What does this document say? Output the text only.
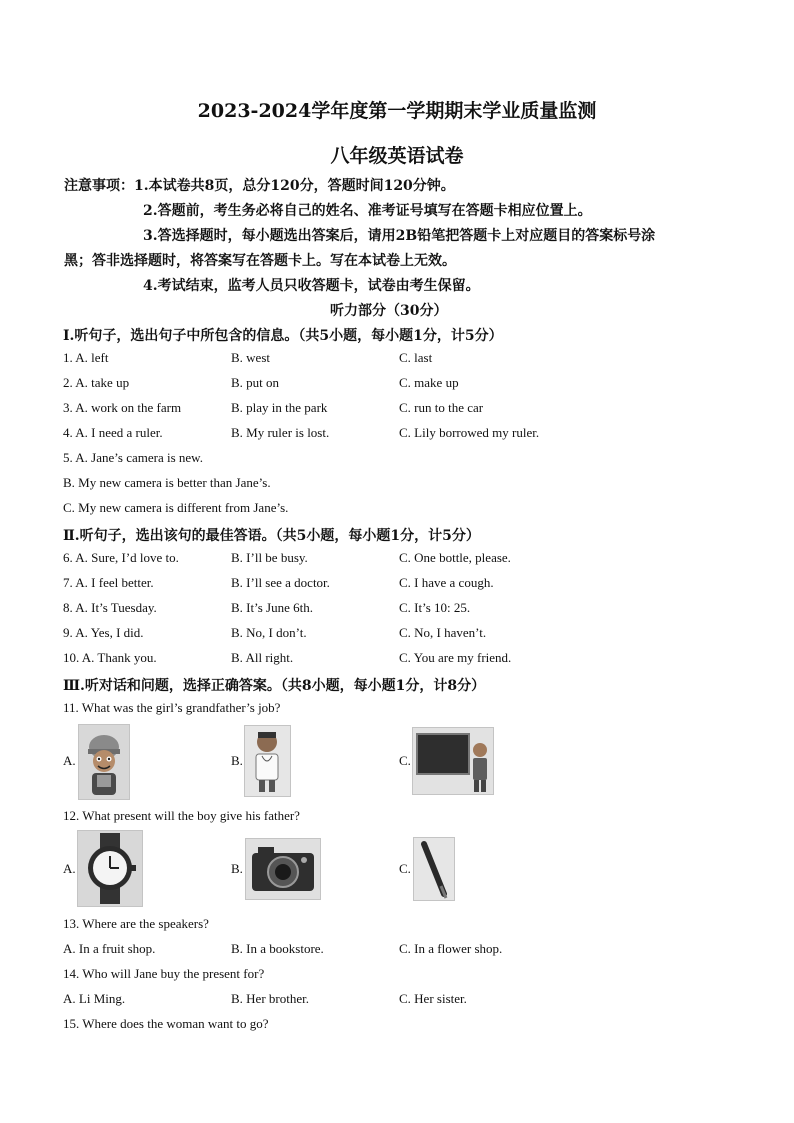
2023-2024学年度第一学期期末学业质量监测
八年级英语试卷
注意事项：1.本试卷共8页，总分120分，答题时间120分钟。
2.答题前，考生务必将自己的姓名、准考证号填写在答题卡相应位置上。
3.答选择题时，每小题选出答案后，请用2B铅笔把答题卡上对应题目的答案标号涂
黑；答非选择题时，将答案写在答题卡上。写在本试卷上无效。
4.考试结束，监考人员只收答题卡，试卷由考生保留。
听力部分（30分）
I.听句子，选出句子中所包含的信息。（共5小题，每小题1分，计5分）
1. A. left	B. west	C. last
2. A. take up	B. put on	C. make up
3. A. work on the farm	B. play in the park	C. run to the car
4. A. I need a ruler.	B. My ruler is lost.	C. Lily borrowed my ruler.
5. A. Jane’s camera is new.
B. My new camera is better than Jane’s.
C. My new camera is different from Jane’s.
Ⅱ.听句子，选出该句的最佳答语。（共5小题，每小题1分，计5分）
6. A. Sure, I’d love to.	B. I’ll be busy.	C. One bottle, please.
7. A. I feel better.	B. I’ll see a doctor.	C. I have a cough.
8. A. It’s Tuesday.	B. It’s June 6th.	C. It’s 10: 25.
9. A. Yes, I did.	B. No, I don’t.	C. No, I haven’t.
10. A. Thank you.	B. All right.	C. You are my friend.
Ⅲ.听对话和问题，选择正确答案。（共8小题，每小题1分，计8分）
11. What was the girl’s grandfather’s job?
A.	B.	C.
12. What present will the boy give his father?
A.	B.	C.
13. Where are the speakers?
A. In a fruit shop.	B. In a bookstore.	C. In a flower shop.
14. Who will Jane buy the present for?
A. Li Ming.	B. Her brother.	C. Her sister.
15. Where does the woman want to go?
